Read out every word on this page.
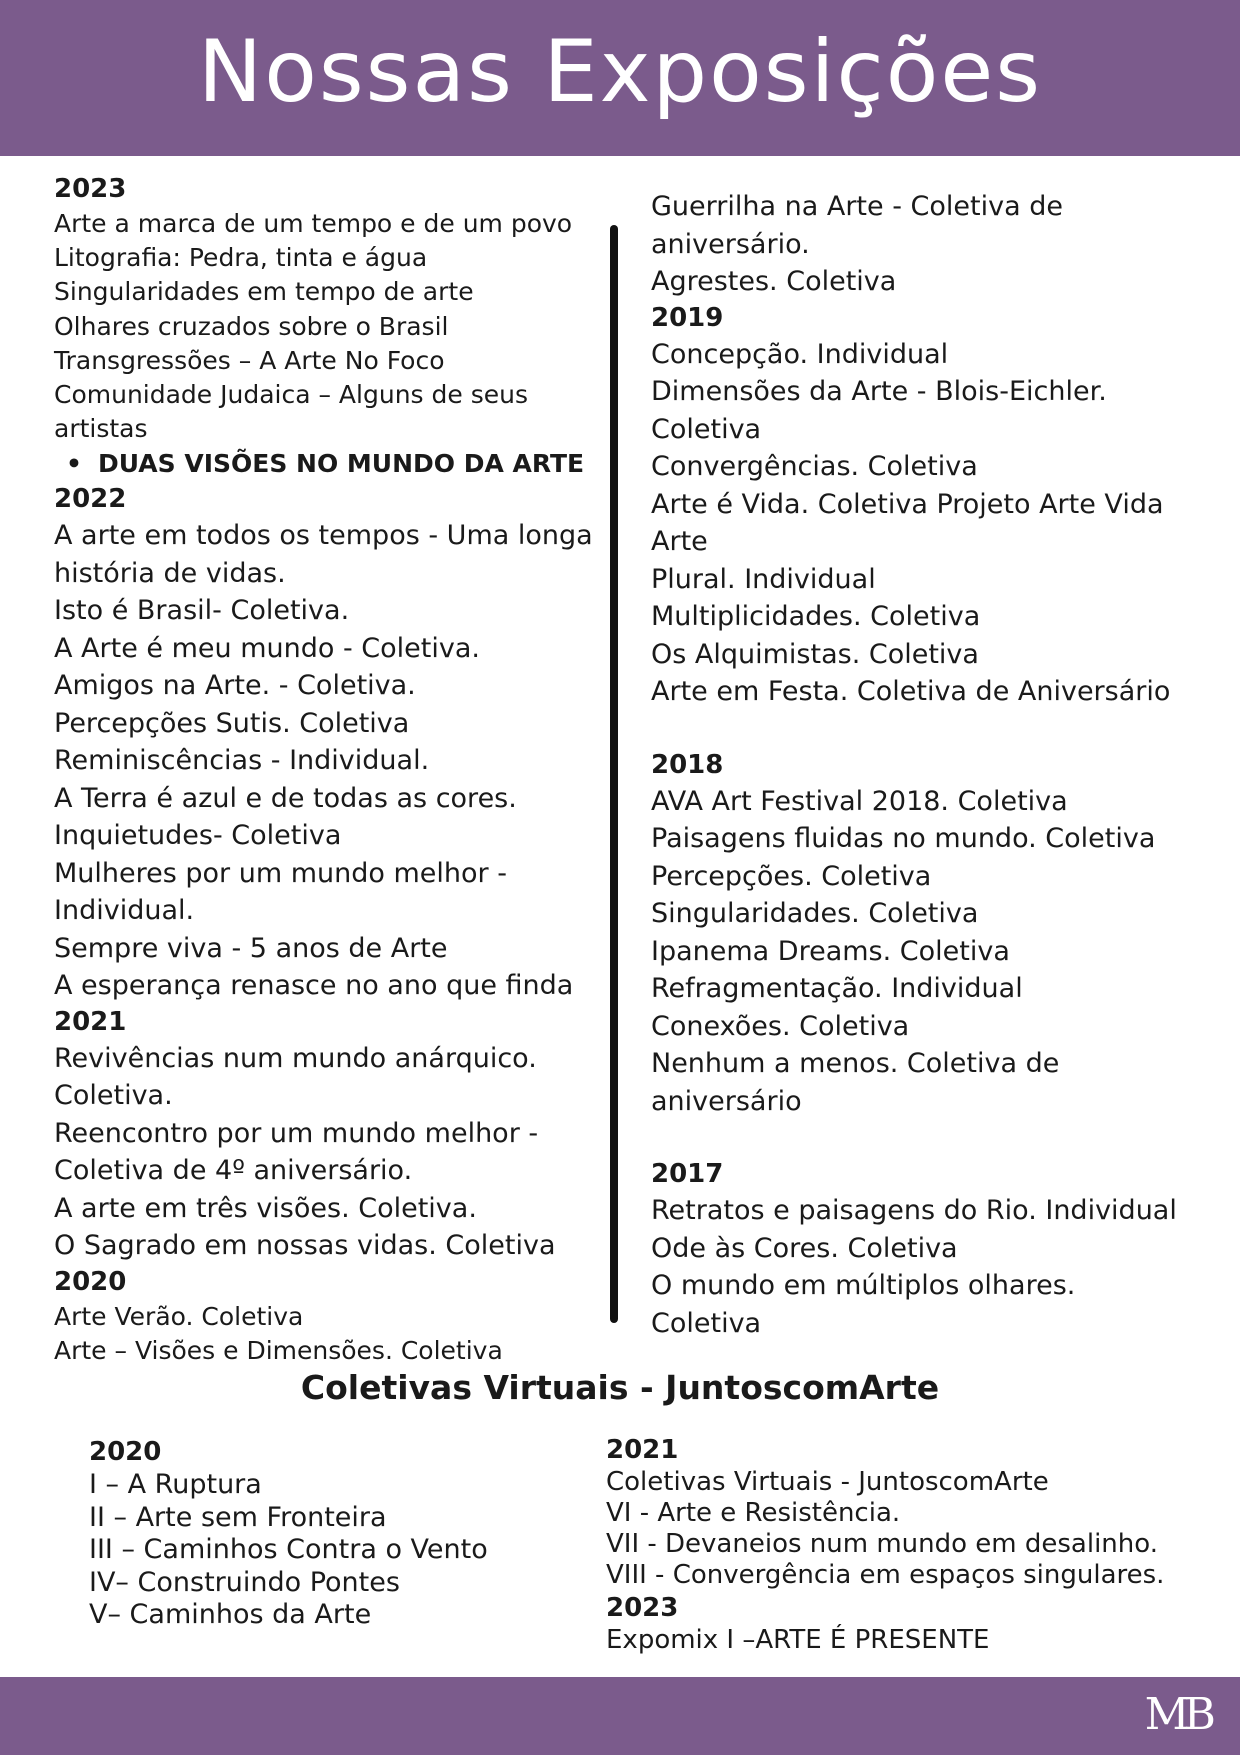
Nossas Exposições
2023
Arte a marca de um tempo e de um povo
Litografia: Pedra, tinta e água
Singularidades em tempo de arte
Olhares cruzados sobre o Brasil
Transgressões – A Arte No Foco
Comunidade Judaica – Alguns de seus
artistas
• DUAS VISÕES NO MUNDO DA ARTE
2022
A arte em todos os tempos - Uma longa
história de vidas.
Isto é Brasil- Coletiva.
A Arte é meu mundo - Coletiva.
Amigos na Arte. - Coletiva.
Percepções Sutis. Coletiva
Reminiscências - Individual.
A Terra é azul e de todas as cores.
Inquietudes- Coletiva
Mulheres por um mundo melhor -
Individual.
Sempre viva - 5 anos de Arte
A esperança renasce no ano que finda
2021
Revivências num mundo anárquico.
Coletiva.
Reencontro por um mundo melhor -
Coletiva de 4º aniversário.
A arte em três visões. Coletiva.
O Sagrado em nossas vidas. Coletiva
2020
Arte Verão. Coletiva
Arte – Visões e Dimensões. Coletiva
Guerrilha na Arte - Coletiva de
aniversário.
Agrestes. Coletiva
2019
Concepção. Individual
Dimensões da Arte - Blois-Eichler.
Coletiva
Convergências. Coletiva
Arte é Vida. Coletiva Projeto Arte Vida
Arte
Plural. Individual
Multiplicidades. Coletiva
Os Alquimistas. Coletiva
Arte em Festa. Coletiva de Aniversário
2018
AVA Art Festival 2018. Coletiva
Paisagens fluidas no mundo. Coletiva
Percepções. Coletiva
Singularidades. Coletiva
Ipanema Dreams. Coletiva
Refragmentação. Individual
Conexões. Coletiva
Nenhum a menos. Coletiva de
aniversário
2017
Retratos e paisagens do Rio. Individual
Ode às Cores. Coletiva
O mundo em múltiplos olhares.
Coletiva
Coletivas Virtuais - JuntoscomArte
2020
I – A Ruptura
II – Arte sem Fronteira
III – Caminhos Contra o Vento
IV– Construindo Pontes
V– Caminhos da Arte
2021
Coletivas Virtuais - JuntoscomArte
VI - Arte e Resistência.
VII - Devaneios num mundo em desalinho.
VIII - Convergência em espaços singulares.
2023
Expomix I –ARTE É PRESENTE
MB
